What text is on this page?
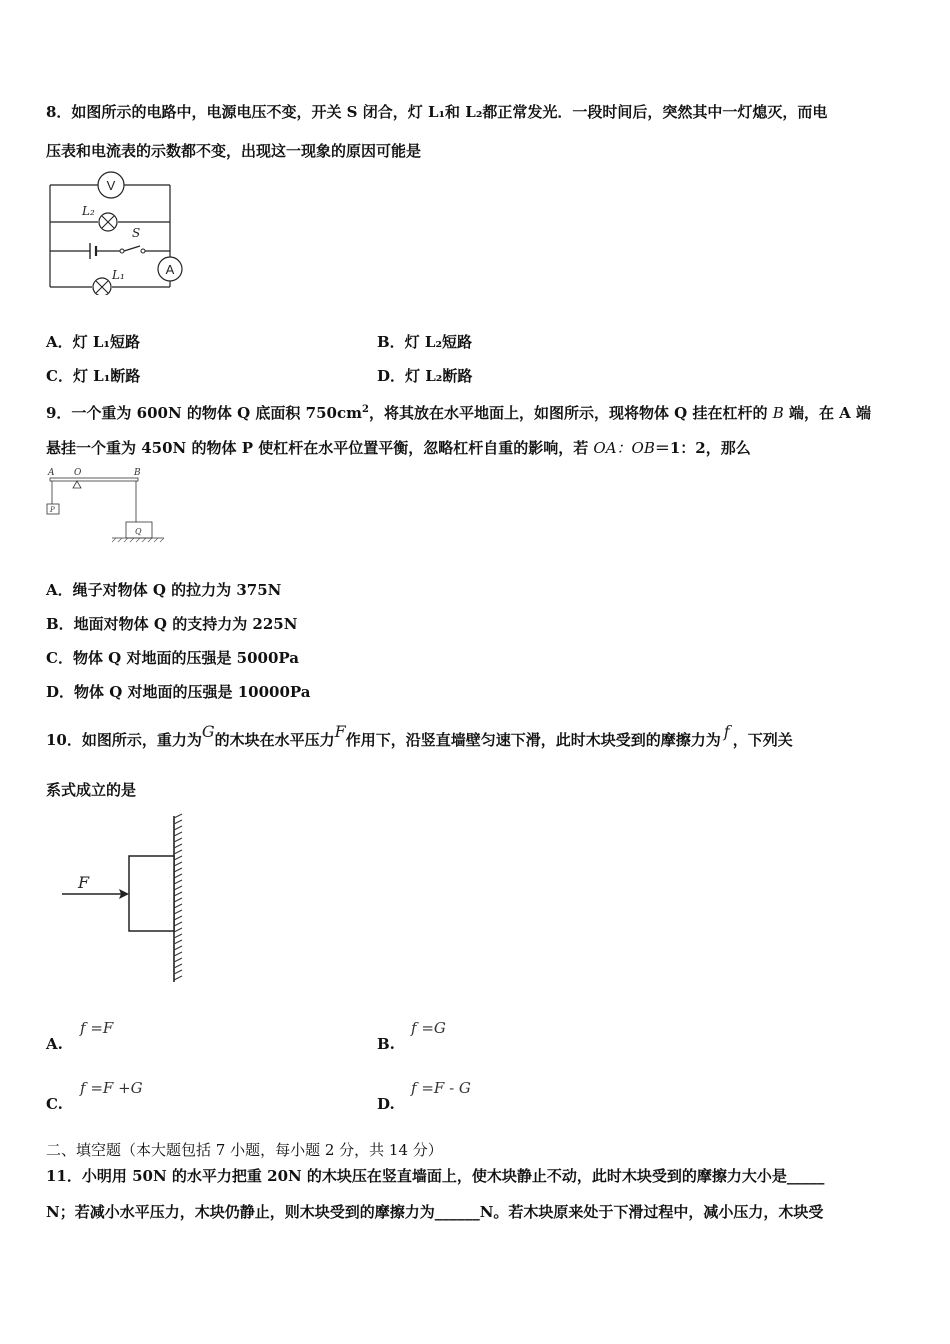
8．如图所示的电路中，电源电压不变，开关 S 闭合，灯 L₁和 L₂都正常发光．一段时间后，突然其中一灯熄灭，而电
压表和电流表的示数都不变，出现这一现象的原因可能是
V
L₂
S
A
L₁
A．灯 L₁短路	B．灯 L₂短路
C．灯 L₁断路	D．灯 L₂断路
9．一个重为 600N 的物体 Q 底面积 $750cm^2$，将其放在水平地面上，如图所示，现将物体 Q 挂在杠杆的 B 端，在 A 端
悬挂一个重为 450N 的物体 P 使杠杆在水平位置平衡，忽略杠杆自重的影响，若 OA：OB＝1：2，那么
A O	B
P
Q
A．绳子对物体 Q 的拉力为 375N
B．地面对物体 Q 的支持力为 225N
C．物体 Q 对地面的压强是 5000Pa
D．物体 Q 对地面的压强是 10000Pa
10．如图所示，重力为G的木块在水平压力F作用下，沿竖直墙壁匀速下滑，此时木块受到的摩擦力为 f ，下列关
系式成立的是
F
A.
f =F
B.
f =G
C.
f =F +G
D.
f =F - G
二、填空题（本大题包括 7 小题，每小题 2 分，共 14 分）
11．小明用 50N 的水平力把重 20N 的木块压在竖直墙面上，使木块静止不动，此时木块受到的摩擦力大小是_____
N；若减小水平压力，木块仍静止，则木块受到的摩擦力为______N。若木块原来处于下滑过程中，减小压力，木块受
